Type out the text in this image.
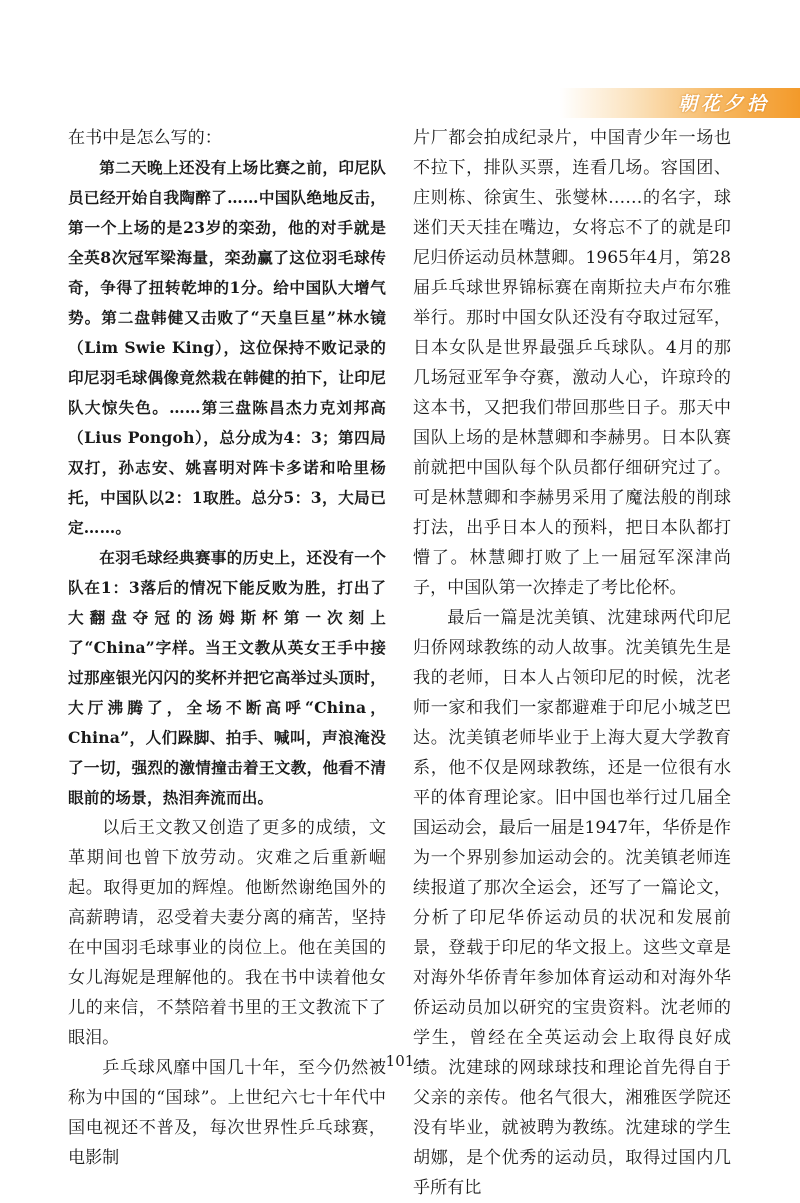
朝花夕拾

在书中是怎么写的：

第二天晚上还没有上场比赛之前，印尼队员已经开始自我陶醉了……中国队绝地反击，第一个上场的是23岁的栾劲，他的对手就是全英8次冠军梁海量，栾劲赢了这位羽毛球传奇，争得了扭转乾坤的1分。给中国队大增气势。第二盘韩健又击败了“天皇巨星”林水镜（Lim Swie King），这位保持不败记录的印尼羽毛球偶像竟然栽在韩健的拍下，让印尼队大惊失色。……第三盘陈昌杰力克刘邦高（Lius Pongoh），总分成为4：3；第四局双打，孙志安、姚喜明对阵卡多诺和哈里杨托，中国队以2：1取胜。总分5：3，大局已定……。

在羽毛球经典赛事的历史上，还没有一个队在1：3落后的情况下能反败为胜，打出了大翻盘夺冠的汤姆斯杯第一次刻上了“China”字样。当王文教从英女王手中接过那座银光闪闪的奖杯并把它高举过头顶时，大厅沸腾了，全场不断高呼“China，China”，人们跺脚、拍手、喊叫，声浪淹没了一切，强烈的激情撞击着王文教，他看不清眼前的场景，热泪奔流而出。

以后王文教又创造了更多的成绩，文革期间也曾下放劳动。灾难之后重新崛起。取得更加的辉煌。他断然谢绝国外的高薪聘请，忍受着夫妻分离的痛苦，坚持在中国羽毛球事业的岗位上。他在美国的女儿海妮是理解他的。我在书中读着他女儿的来信，不禁陪着书里的王文教流下了眼泪。

乒乓球风靡中国几十年，至今仍然被称为中国的“国球”。上世纪六七十年代中国电视还不普及，每次世界性乒乓球赛，电影制

片厂都会拍成纪录片，中国青少年一场也不拉下，排队买票，连看几场。容国团、庄则栋、徐寅生、张燮林……的名字，球迷们天天挂在嘴边，女将忘不了的就是印尼归侨运动员林慧卿。1965年4月，第28届乒乓球世界锦标赛在南斯拉夫卢布尔雅举行。那时中国女队还没有夺取过冠军，日本女队是世界最强乒乓球队。4月的那几场冠亚军争夺赛，激动人心，许琼玲的这本书，又把我们带回那些日子。那天中国队上场的是林慧卿和李赫男。日本队赛前就把中国队每个队员都仔细研究过了。可是林慧卿和李赫男采用了魔法般的削球打法，出乎日本人的预料，把日本队都打懵了。林慧卿打败了上一届冠军深津尚子，中国队第一次捧走了考比伦杯。

最后一篇是沈美镇、沈建球两代印尼归侨网球教练的动人故事。沈美镇先生是我的老师，日本人占领印尼的时候，沈老师一家和我们一家都避难于印尼小城芝巴达。沈美镇老师毕业于上海大夏大学教育系，他不仅是网球教练，还是一位很有水平的体育理论家。旧中国也举行过几届全国运动会，最后一届是1947年，华侨是作为一个界别参加运动会的。沈美镇老师连续报道了那次全运会，还写了一篇论文，分析了印尼华侨运动员的状况和发展前景，登载于印尼的华文报上。这些文章是对海外华侨青年参加体育运动和对海外华侨运动员加以研究的宝贵资料。沈老师的学生，曾经在全英运动会上取得良好成绩。沈建球的网球球技和理论首先得自于父亲的亲传。他名气很大，湘雅医学院还没有毕业，就被聘为教练。沈建球的学生胡娜，是个优秀的运动员，取得过国内几乎所有比

– 101 –
